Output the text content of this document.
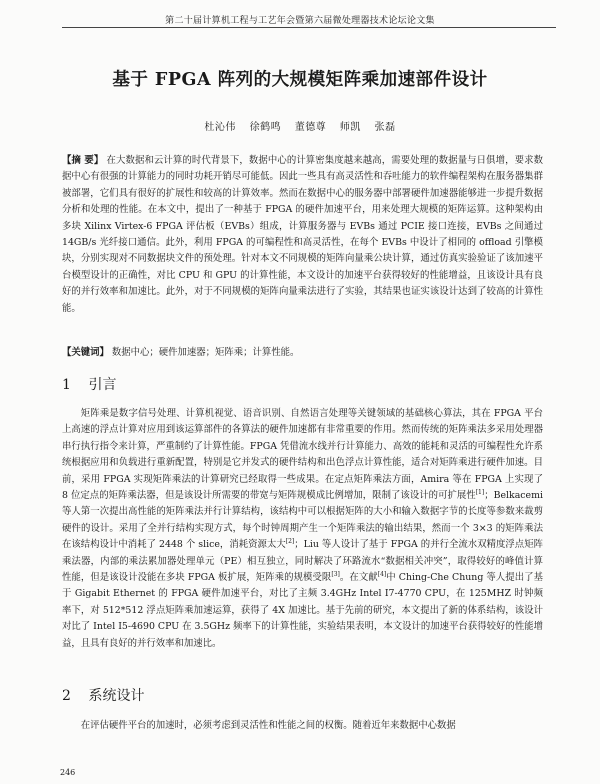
第二十届计算机工程与工艺年会暨第六届微处理器技术论坛论文集
基于 FPGA 阵列的大规模矩阵乘加速部件设计
杜沁伟 徐鹤鸣 董德尊 师凯 张磊
【摘 要】 在大数据和云计算的时代背景下，数据中心的计算密集度越来越高，需要处理的数据量与日俱增，要求数据中心有很强的计算能力的同时功耗开销尽可能低。因此一些具有高灵活性和吞吐能力的软件编程架构在服务器集群被部署，它们具有很好的扩展性和较高的计算效率。然而在数据中心的服务器中部署硬件加速器能够进一步提升数据分析和处理的性能。在本文中，提出了一种基于 FPGA 的硬件加速平台，用来处理大规模的矩阵运算。这种架构由多块 Xilinx Virtex-6 FPGA 评估板（EVBs）组成，计算服务器与 EVBs 通过 PCIE 接口连接，EVBs 之间通过 14GB/s 光纤接口通信。此外，利用 FPGA 的可编程性和高灵活性，在每个 EVBs 中设计了相同的 offload 引擎模块，分别实现对不同数据块文件的预处理。针对本文不同规模的矩阵向量乘公块计算，通过仿真实验验证了该加速平台模型设计的正确性，对比 CPU 和 GPU 的计算性能，本文设计的加速平台获得较好的性能增益，且该设计具有良好的并行效率和加速比。此外，对于不同规模的矩阵向量乘法进行了实验，其结果也证实该设计达到了较高的计算性能。
【关键词】 数据中心；硬件加速器；矩阵乘；计算性能。
1 引言
矩阵乘是数字信号处理、计算机视觉、语音识别、自然语言处理等关键领域的基础核心算法，其在 FPGA 平台上高速的浮点计算对应用到该运算部件的各算法的硬件加速都有非常重要的作用。然而传统的矩阵乘法多采用处理器串行执行指令来计算，严重制约了计算性能。FPGA 凭借流水线并行计算能力、高效的能耗和灵活的可编程性允许系统根据应用和负载进行重新配置，特别是它并发式的硬件结构和出色浮点计算性能，适合对矩阵乘进行硬件加速。目前，采用 FPGA 实现矩阵乘法的计算研究已经取得一些成果。在定点矩阵乘法方面，Amira 等在 FPGA 上实现了 8 位定点的矩阵乘法器，但是该设计所需要的带宽与矩阵规模成比例增加，限制了该设计的可扩展性[1]；Belkacemi 等人第一次提出高性能的矩阵乘法并行计算结构，该结构中可以根据矩阵的大小和输入数据字节的长度等参数来裁剪硬件的设计。采用了全并行结构实现方式，每个时钟周期产生一个矩阵乘法的输出结果，然而一个 3×3 的矩阵乘法在该结构设计中消耗了 2448 个 slice，消耗资源太大[2]；Liu 等人设计了基于 FPGA 的并行全流水双精度浮点矩阵乘法器，内部的乘法累加器处理单元（PE）相互独立，同时解决了环路流水“数据相关冲突”，取得较好的峰值计算性能，但是该设计没能在多块 FPGA 板扩展，矩阵乘的规模受限[3]。在文献[4]中 Ching-Che Chung 等人提出了基于 Gigabit Ethernet 的 FPGA 硬件加速平台，对比了主频 3.4GHz Intel I7-4770 CPU，在 125MHZ 时钟频率下，对 512*512 浮点矩阵乘加速运算，获得了 4X 加速比。基于先前的研究，本文提出了新的体系结构，该设计对比了 Intel I5-4690 CPU 在 3.5GHz 频率下的计算性能，实验结果表明，本文设计的加速平台获得较好的性能增益，且具有良好的并行效率和加速比。
2 系统设计
在评估硬件平台的加速时，必须考虑到灵活性和性能之间的权衡。随着近年来数据中心数据
246
